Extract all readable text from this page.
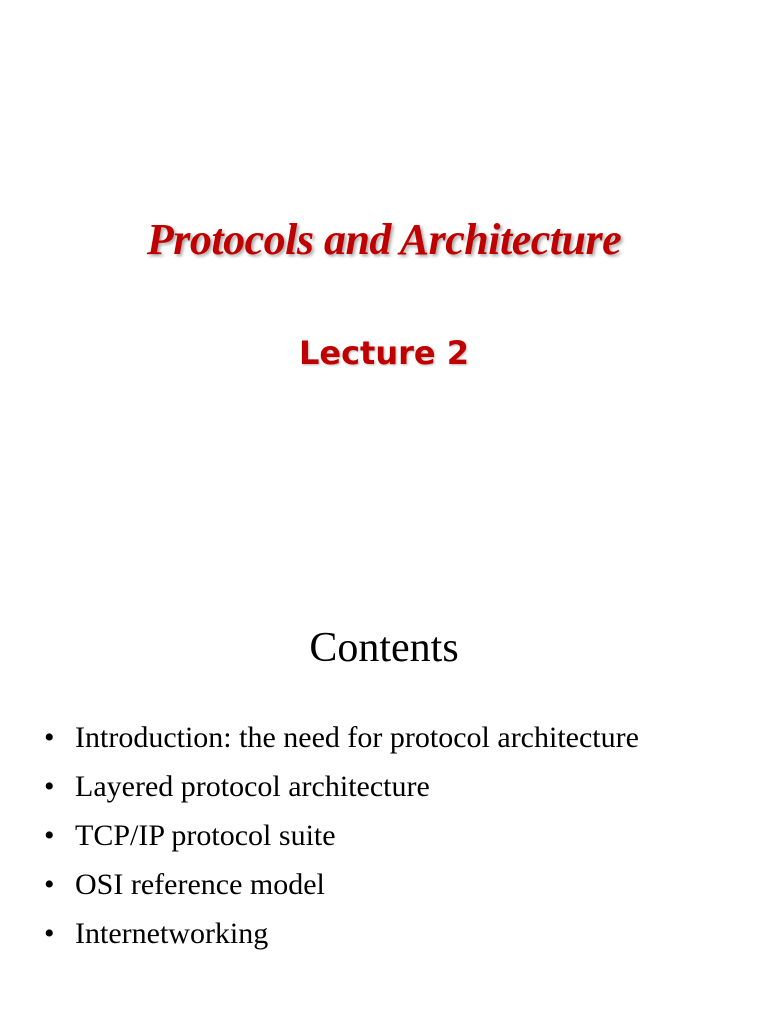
Protocols and Architecture
Lecture 2
Contents
• Introduction: the need for protocol architecture
• Layered protocol architecture
• TCP/IP protocol suite
• OSI reference model
• Internetworking
